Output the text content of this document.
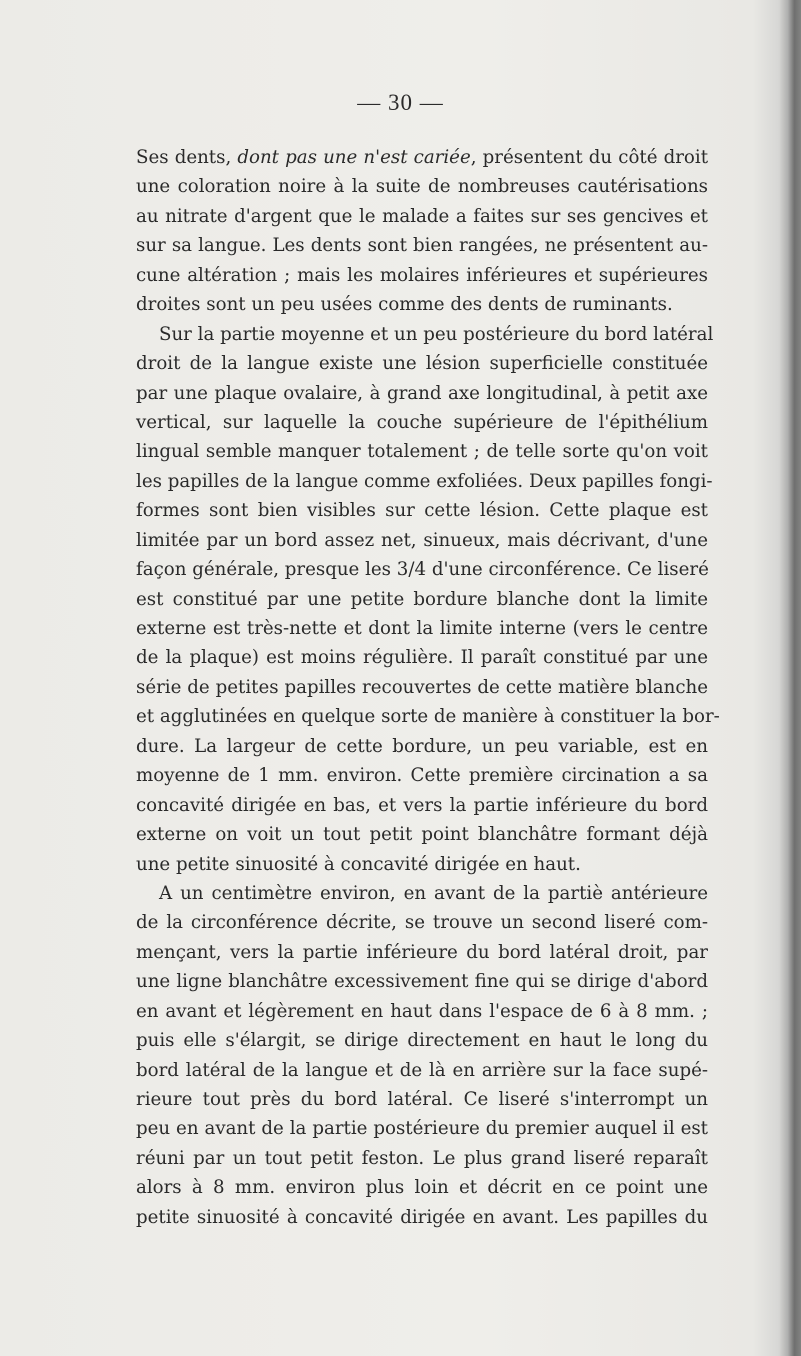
— 30 —
Ses dents, dont pas une n'est cariée, présentent du côté droit
une coloration noire à la suite de nombreuses cautérisations
au nitrate d'argent que le malade a faites sur ses gencives et
sur sa langue. Les dents sont bien rangées, ne présentent au-
cune altération ; mais les molaires inférieures et supérieures
droites sont un peu usées comme des dents de ruminants.
Sur la partie moyenne et un peu postérieure du bord latéral
droit de la langue existe une lésion superficielle constituée
par une plaque ovalaire, à grand axe longitudinal, à petit axe
vertical, sur laquelle la couche supérieure de l'épithélium
lingual semble manquer totalement ; de telle sorte qu'on voit
les papilles de la langue comme exfoliées. Deux papilles fongi-
formes sont bien visibles sur cette lésion. Cette plaque est
limitée par un bord assez net, sinueux, mais décrivant, d'une
façon générale, presque les 3/4 d'une circonférence. Ce liseré
est constitué par une petite bordure blanche dont la limite
externe est très-nette et dont la limite interne (vers le centre
de la plaque) est moins régulière. Il paraît constitué par une
série de petites papilles recouvertes de cette matière blanche
et agglutinées en quelque sorte de manière à constituer la bor-
dure. La largeur de cette bordure, un peu variable, est en
moyenne de 1 mm. environ. Cette première circination a sa
concavité dirigée en bas, et vers la partie inférieure du bord
externe on voit un tout petit point blanchâtre formant déjà
une petite sinuosité à concavité dirigée en haut.
A un centimètre environ, en avant de la partiè antérieure
de la circonférence décrite, se trouve un second liseré com-
mençant, vers la partie inférieure du bord latéral droit, par
une ligne blanchâtre excessivement fine qui se dirige d'abord
en avant et légèrement en haut dans l'espace de 6 à 8 mm. ;
puis elle s'élargit, se dirige directement en haut le long du
bord latéral de la langue et de là en arrière sur la face supé-
rieure tout près du bord latéral. Ce liseré s'interrompt un
peu en avant de la partie postérieure du premier auquel il est
réuni par un tout petit feston. Le plus grand liseré reparaît
alors à 8 mm. environ plus loin et décrit en ce point une
petite sinuosité à concavité dirigée en avant. Les papilles du
